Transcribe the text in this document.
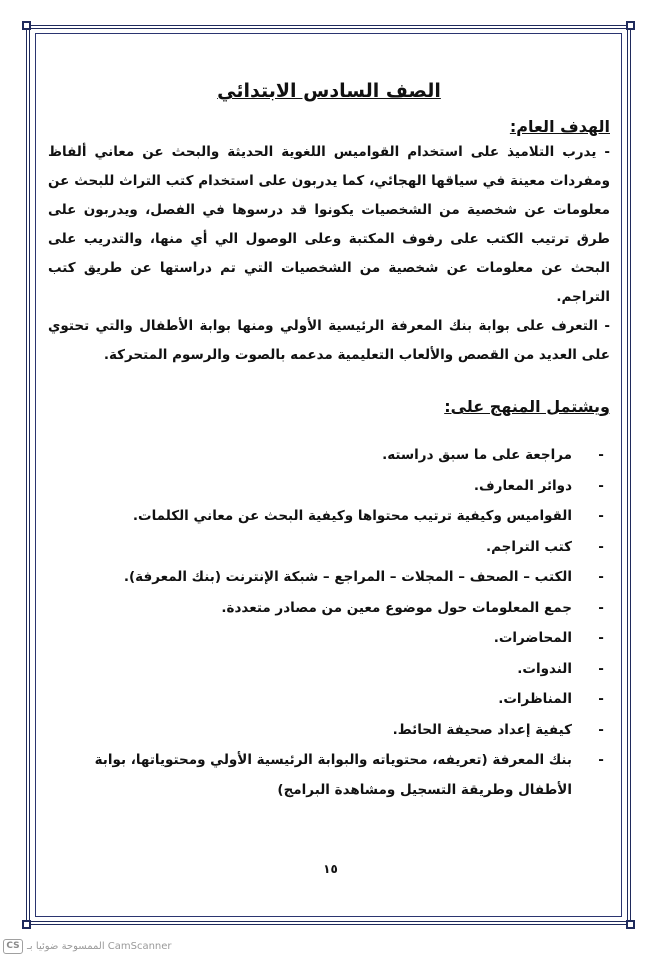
الصف السادس الابتدائي
الهدف العام:

- يدرب التلاميذ على استخدام القواميس اللغوية الحديثة والبحث عن معاني ألفاظ ومفردات معينة في سياقها الهجائي، كما يدربون على استخدام كتب التراث للبحث عن معلومات عن شخصية من الشخصيات يكونوا قد درسوها في الفصل، ويدربون على طرق ترتيب الكتب على رفوف المكتبة وعلى الوصول الي أي منها، والتدريب على البحث عن معلومات عن شخصية من الشخصيات التي تم دراستها عن طريق كتب التراجم.

- التعرف على بوابة بنك المعرفة الرئيسية الأولي ومنها بوابة الأطفال والتي تحتوي على العديد من القصص والألعاب التعليمية مدعمه بالصوت والرسوم المتحركة.

ويشتمل المنهج على:
-
مراجعة على ما سبق دراسته.
-
دوائر المعارف.
-
القواميس وكيفية ترتيب محتواها وكيفية البحث عن معاني الكلمات.
-
كتب التراجم.
-
الكتب – الصحف – المجلات – المراجع – شبكة الإنترنت (بنك المعرفة).
-
جمع المعلومات حول موضوع معين من مصادر متعددة.
-
المحاضرات.
-
الندوات.
-
المناظرات.
-
كيفية إعداد صحيفة الحائط.
-
بنك المعرفة (تعريفه، محتوياته والبوابة الرئيسية الأولي ومحتوياتها، بوابة الأطفال وطريقة التسجيل ومشاهدة البرامج)
١٥
CS الممسوحة ضوئيا بـ CamScanner
